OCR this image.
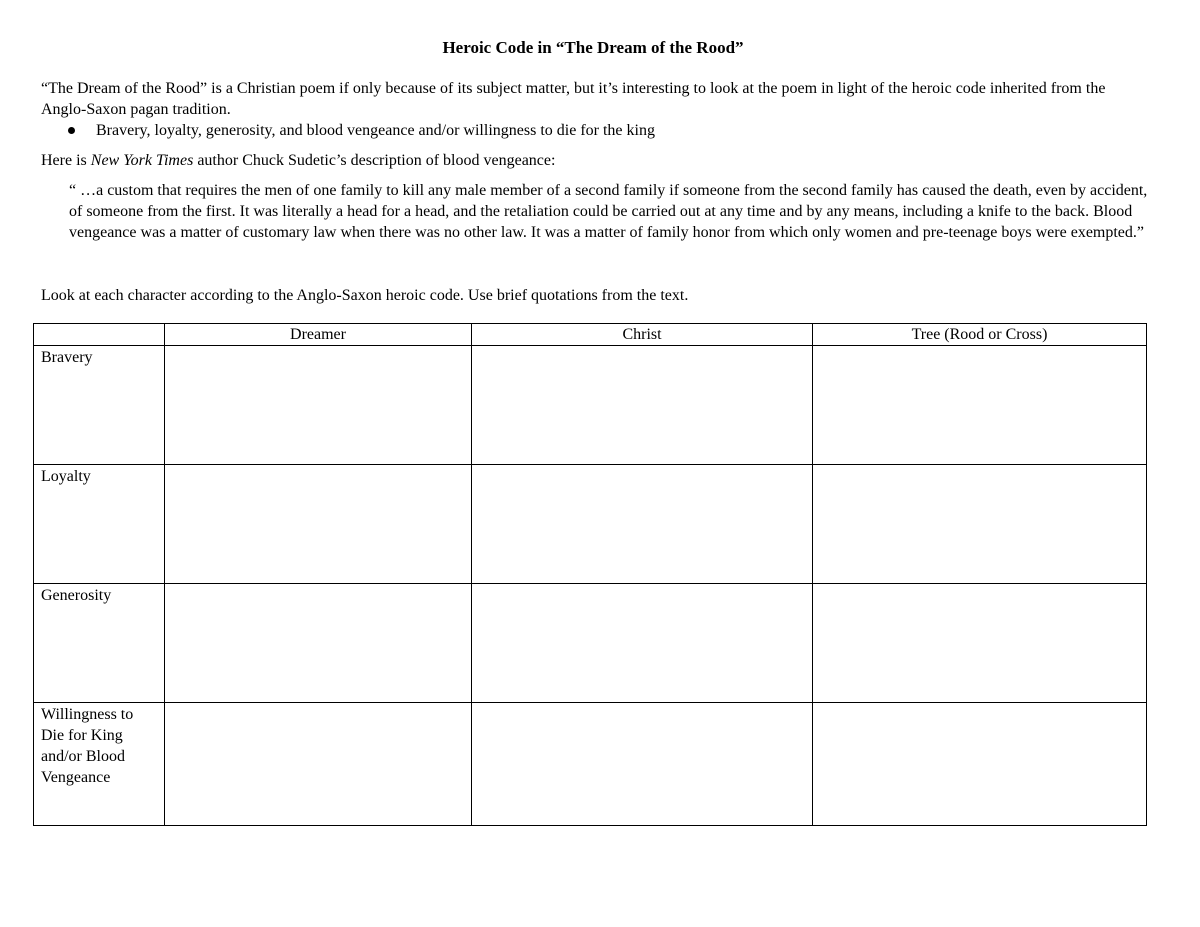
Heroic Code in “The Dream of the Rood”
“The Dream of the Rood” is a Christian poem if only because of its subject matter, but it’s interesting to look at the poem in light of the heroic code inherited from the Anglo-Saxon pagan tradition.
Bravery, loyalty, generosity, and blood vengeance and/or willingness to die for the king
Here is New York Times author Chuck Sudetic’s description of blood vengeance:
“ …a custom that requires the men of one family to kill any male member of a second family if someone from the second family has caused the death, even by accident, of someone from the first. It was literally a head for a head, and the retaliation could be carried out at any time and by any means, including a knife to the back. Blood vengeance was a matter of customary law when there was no other law. It was a matter of family honor from which only women and pre-teenage boys were exempted.”
Look at each character according to the Anglo-Saxon heroic code. Use brief quotations from the text.
	Dreamer	Christ	Tree (Rood or Cross)
Bravery			
Loyalty			
Generosity			
Willingness to Die for King and/or Blood Vengeance			
